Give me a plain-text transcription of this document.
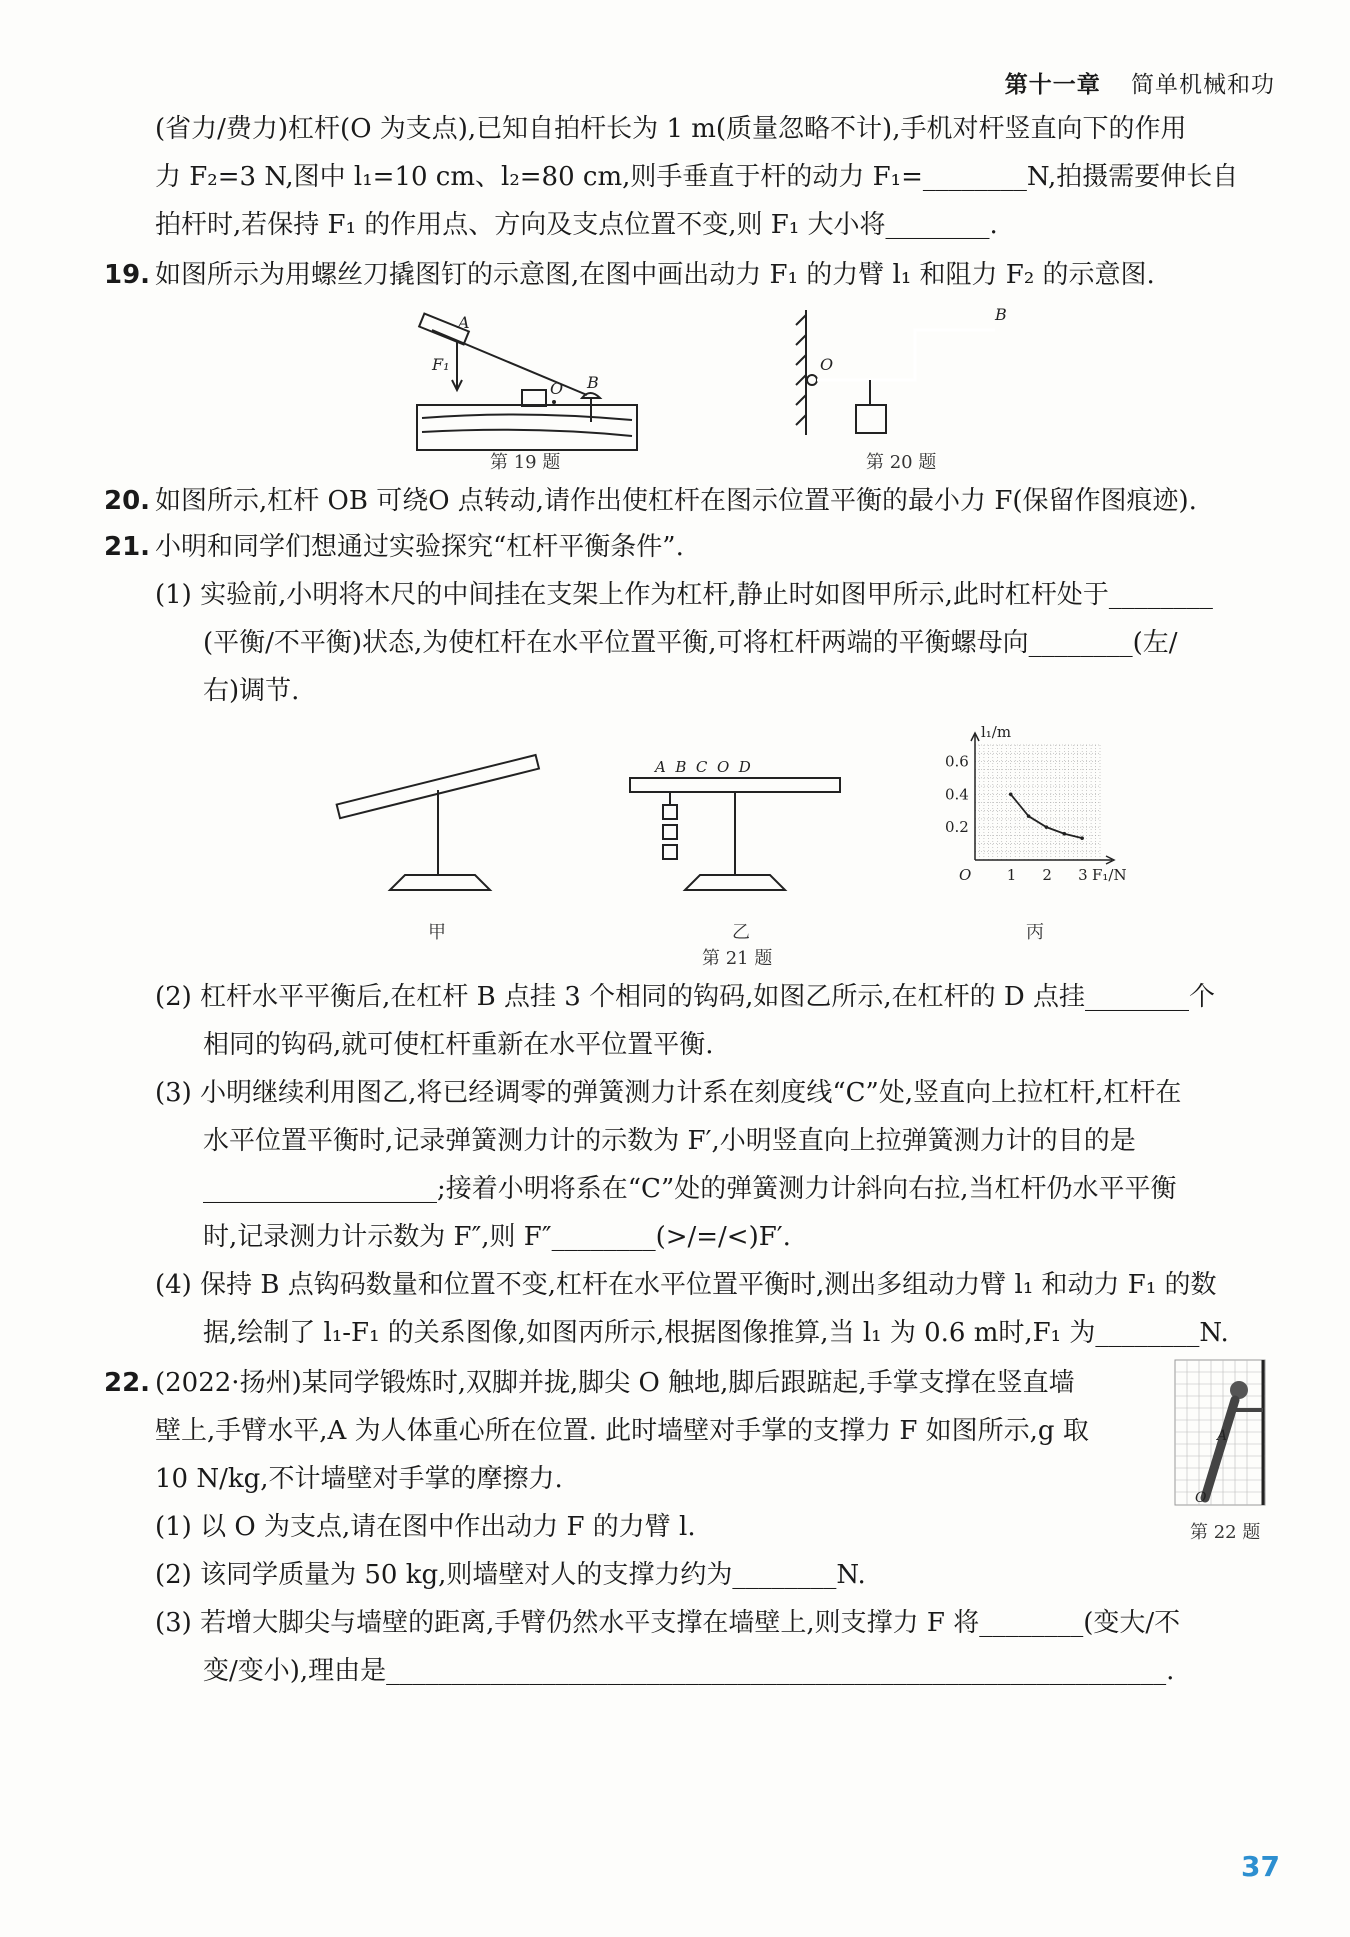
第十一章 简单机械和功
(省力/费力)杠杆(O 为支点),已知自拍杆长为 1 m(质量忽略不计),手机对杆竖直向下的作用
力 F₂=3 N,图中 l₁=10 cm、l₂=80 cm,则手垂直于杆的动力 F₁=________N,拍摄需要伸长自
拍杆时,若保持 F₁ 的作用点、方向及支点位置不变,则 F₁ 大小将________.
19. 如图所示为用螺丝刀撬图钉的示意图,在图中画出动力 F₁ 的力臂 l₁ 和阻力 F₂ 的示意图.
A
F₁
O B
第 19 题
O
B
第 20 题
20. 如图所示,杠杆 OB 可绕O 点转动,请作出使杠杆在图示位置平衡的最小力 F(保留作图痕迹).
21. 小明和同学们想通过实验探究“杠杆平衡条件”.
(1) 实验前,小明将木尺的中间挂在支架上作为杠杆,静止时如图甲所示,此时杠杆处于________
(平衡/不平衡)状态,为使杠杆在水平位置平衡,可将杠杆两端的平衡螺母向________(左/
右)调节.
甲
A  B  C  O  D
乙
第 21 题
1 2 3
0.2
0.4
0.6
l₁/m
F₁/N
O
丙
(2) 杠杆水平平衡后,在杠杆 B 点挂 3 个相同的钩码,如图乙所示,在杠杆的 D 点挂________个
相同的钩码,就可使杠杆重新在水平位置平衡.
(3) 小明继续利用图乙,将已经调零的弹簧测力计系在刻度线“C”处,竖直向上拉杠杆,杠杆在
水平位置平衡时,记录弹簧测力计的示数为 F′,小明竖直向上拉弹簧测力计的目的是
__________________;接着小明将系在“C”处的弹簧测力计斜向右拉,当杠杆仍水平平衡
时,记录测力计示数为 F″,则 F″________(>/=/<)F′.
(4) 保持 B 点钩码数量和位置不变,杠杆在水平位置平衡时,测出多组动力臂 l₁ 和动力 F₁ 的数
据,绘制了 l₁-F₁ 的关系图像,如图丙所示,根据图像推算,当 l₁ 为 0.6 m时,F₁ 为________N.
22. (2022·扬州)某同学锻炼时,双脚并拢,脚尖 O 触地,脚后跟踮起,手掌支撑在竖直墙
壁上,手臂水平,A 为人体重心所在位置. 此时墙壁对手掌的支撑力 F 如图所示,g 取
10 N/kg,不计墙壁对手掌的摩擦力.
(1) 以 O 为支点,请在图中作出动力 F 的力臂 l.
(2) 该同学质量为 50 kg,则墙壁对人的支撑力约为________N.
(3) 若增大脚尖与墙壁的距离,手臂仍然水平支撑在墙壁上,则支撑力 F 将________(变大/不
变/变小),理由是____________________________________________________________.
A
O
第 22 题
37
